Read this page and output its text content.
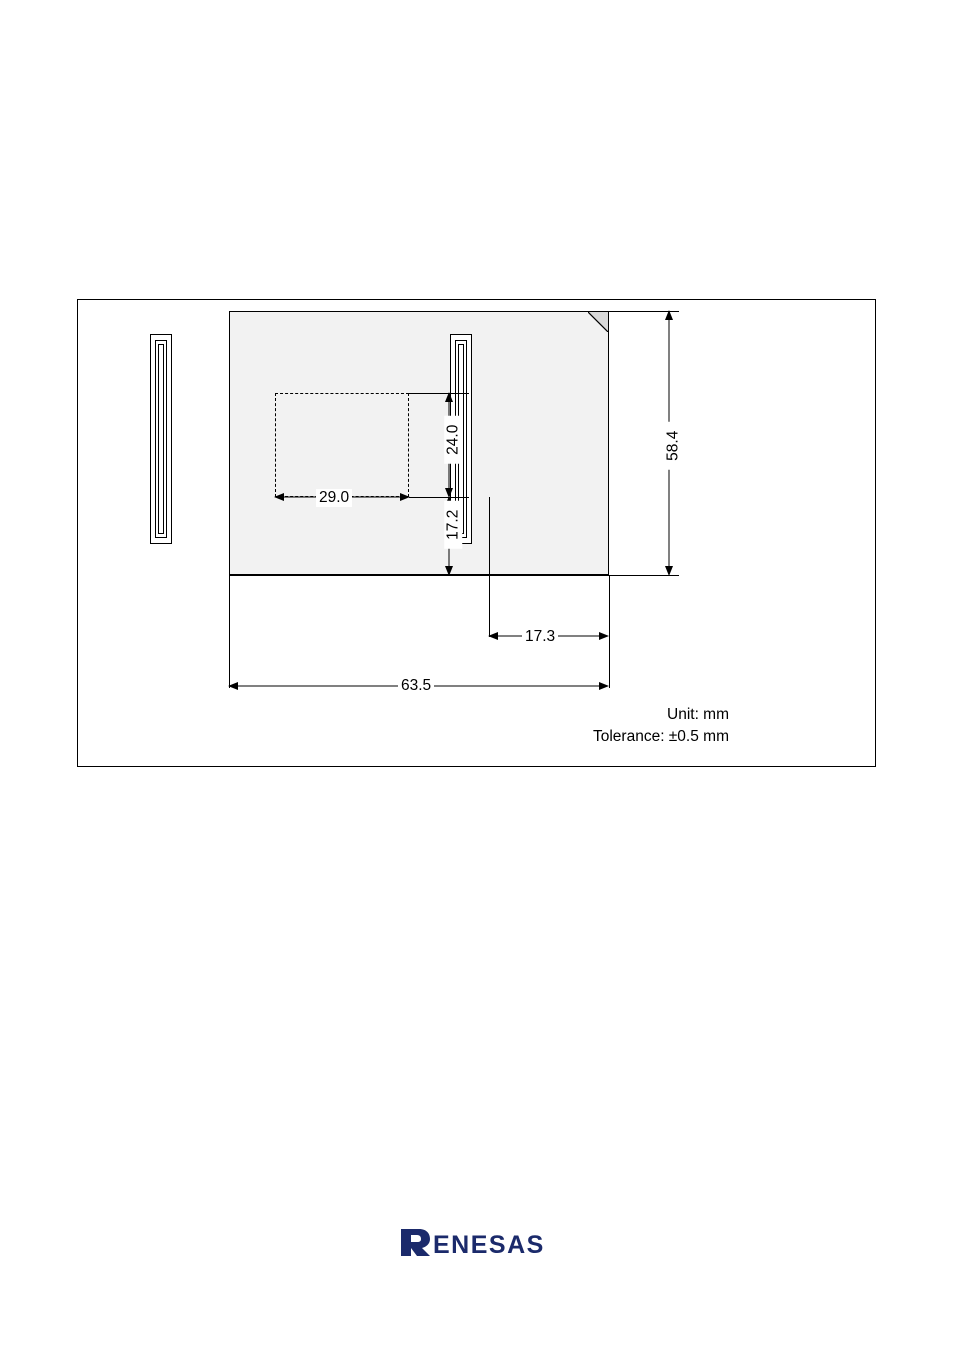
58.4
24.0
17.2
29.0
17.3
63.5
Unit: mm
Tolerance: ±0.5 mm
ENESAS
